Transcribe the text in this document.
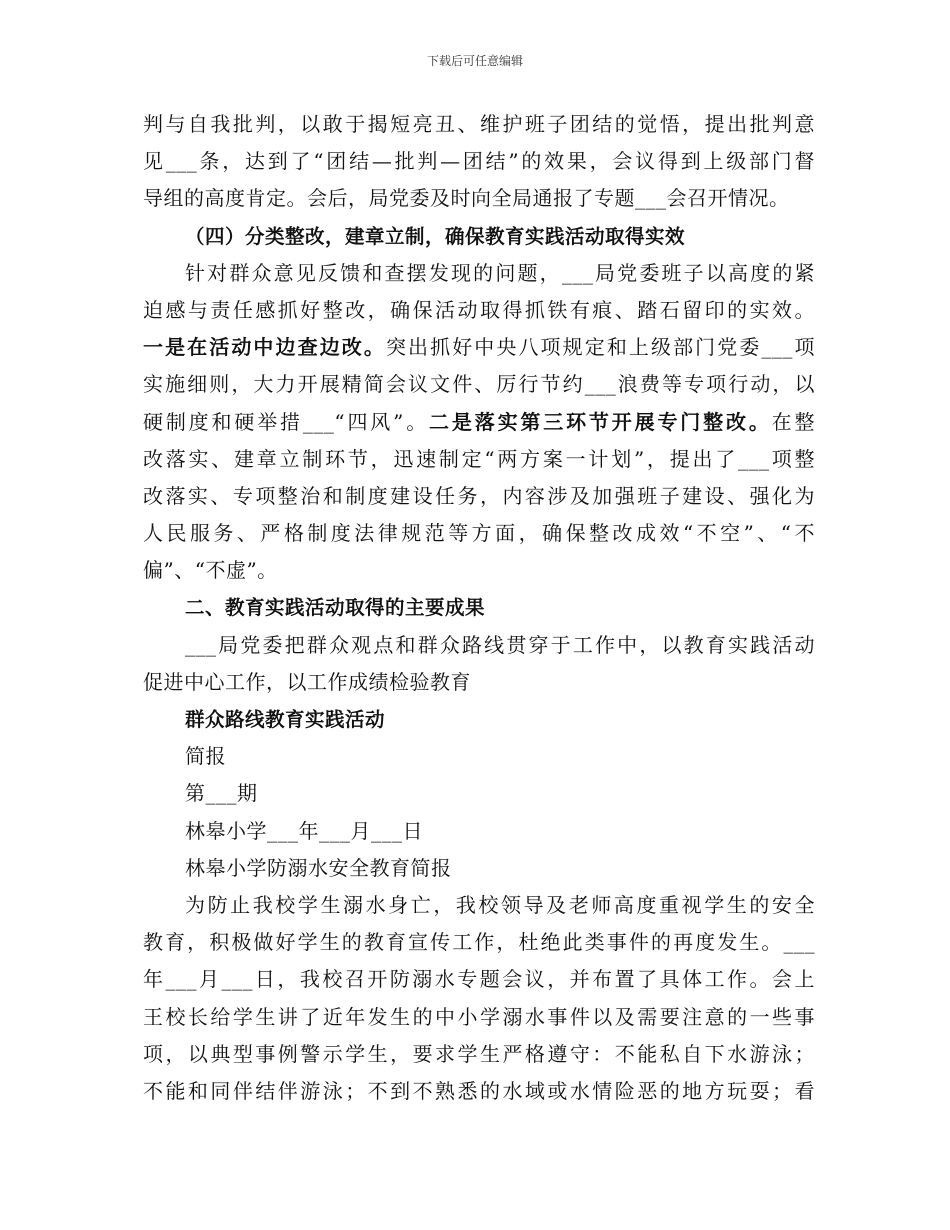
下载后可任意编辑
判与自我批判，以敢于揭短亮丑、维护班子团结的觉悟，提出批判意
见___条，达到了“团结—批判—团结”的效果，会议得到上级部门督
导组的高度肯定。会后，局党委及时向全局通报了专题___会召开情况。
（四）分类整改，建章立制，确保教育实践活动取得实效
针对群众意见反馈和查摆发现的问题，___局党委班子以高度的紧
迫感与责任感抓好整改，确保活动取得抓铁有痕、踏石留印的实效。
一是在活动中边查边改。突出抓好中央八项规定和上级部门党委___项
实施细则，大力开展精简会议文件、厉行节约___浪费等专项行动，以
硬制度和硬举措___“四风”。二是落实第三环节开展专门整改。在整
改落实、建章立制环节，迅速制定“两方案一计划”，提出了___项整
改落实、专项整治和制度建设任务，内容涉及加强班子建设、强化为
人民服务、严格制度法律规范等方面，确保整改成效“不空”、“不
偏”、“不虚”。
二、教育实践活动取得的主要成果
___局党委把群众观点和群众路线贯穿于工作中，以教育实践活动
促进中心工作，以工作成绩检验教育
群众路线教育实践活动
简报
第___期
林皋小学___年___月___日
林皋小学防溺水安全教育简报
为防止我校学生溺水身亡，我校领导及老师高度重视学生的安全
教育，积极做好学生的教育宣传工作，杜绝此类事件的再度发生。___
年___月___日，我校召开防溺水专题会议，并布置了具体工作。会上
王校长给学生讲了近年发生的中小学溺水事件以及需要注意的一些事
项，以典型事例警示学生，要求学生严格遵守：不能私自下水游泳；
不能和同伴结伴游泳；不到不熟悉的水域或水情险恶的地方玩耍；看
